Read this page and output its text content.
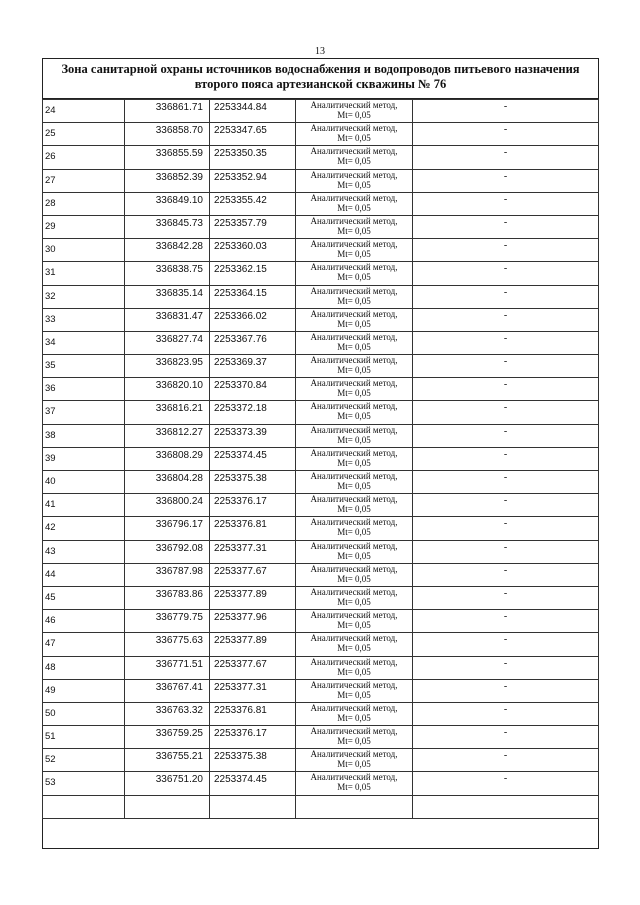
13
Зона санитарной охраны источников водоснабжения и водопроводов питьевого назначения
второго пояса артезианской скважины № 76
24	336861.71	2253344.84	Аналитический метод,
Mt= 0,05	-
25	336858.70	2253347.65	Аналитический метод,
Mt= 0,05	-
26	336855.59	2253350.35	Аналитический метод,
Mt= 0,05	-
27	336852.39	2253352.94	Аналитический метод,
Mt= 0,05	-
28	336849.10	2253355.42	Аналитический метод,
Mt= 0,05	-
29	336845.73	2253357.79	Аналитический метод,
Mt= 0,05	-
30	336842.28	2253360.03	Аналитический метод,
Mt= 0,05	-
31	336838.75	2253362.15	Аналитический метод,
Mt= 0,05	-
32	336835.14	2253364.15	Аналитический метод,
Mt= 0,05	-
33	336831.47	2253366.02	Аналитический метод,
Mt= 0,05	-
34	336827.74	2253367.76	Аналитический метод,
Mt= 0,05	-
35	336823.95	2253369.37	Аналитический метод,
Mt= 0,05	-
36	336820.10	2253370.84	Аналитический метод,
Mt= 0,05	-
37	336816.21	2253372.18	Аналитический метод,
Mt= 0,05	-
38	336812.27	2253373.39	Аналитический метод,
Mt= 0,05	-
39	336808.29	2253374.45	Аналитический метод,
Mt= 0,05	-
40	336804.28	2253375.38	Аналитический метод,
Mt= 0,05	-
41	336800.24	2253376.17	Аналитический метод,
Mt= 0,05	-
42	336796.17	2253376.81	Аналитический метод,
Mt= 0,05	-
43	336792.08	2253377.31	Аналитический метод,
Mt= 0,05	-
44	336787.98	2253377.67	Аналитический метод,
Mt= 0,05	-
45	336783.86	2253377.89	Аналитический метод,
Mt= 0,05	-
46	336779.75	2253377.96	Аналитический метод,
Mt= 0,05	-
47	336775.63	2253377.89	Аналитический метод,
Mt= 0,05	-
48	336771.51	2253377.67	Аналитический метод,
Mt= 0,05	-
49	336767.41	2253377.31	Аналитический метод,
Mt= 0,05	-
50	336763.32	2253376.81	Аналитический метод,
Mt= 0,05	-
51	336759.25	2253376.17	Аналитический метод,
Mt= 0,05	-
52	336755.21	2253375.38	Аналитический метод,
Mt= 0,05	-
53	336751.20	2253374.45	Аналитический метод,
Mt= 0,05	-
